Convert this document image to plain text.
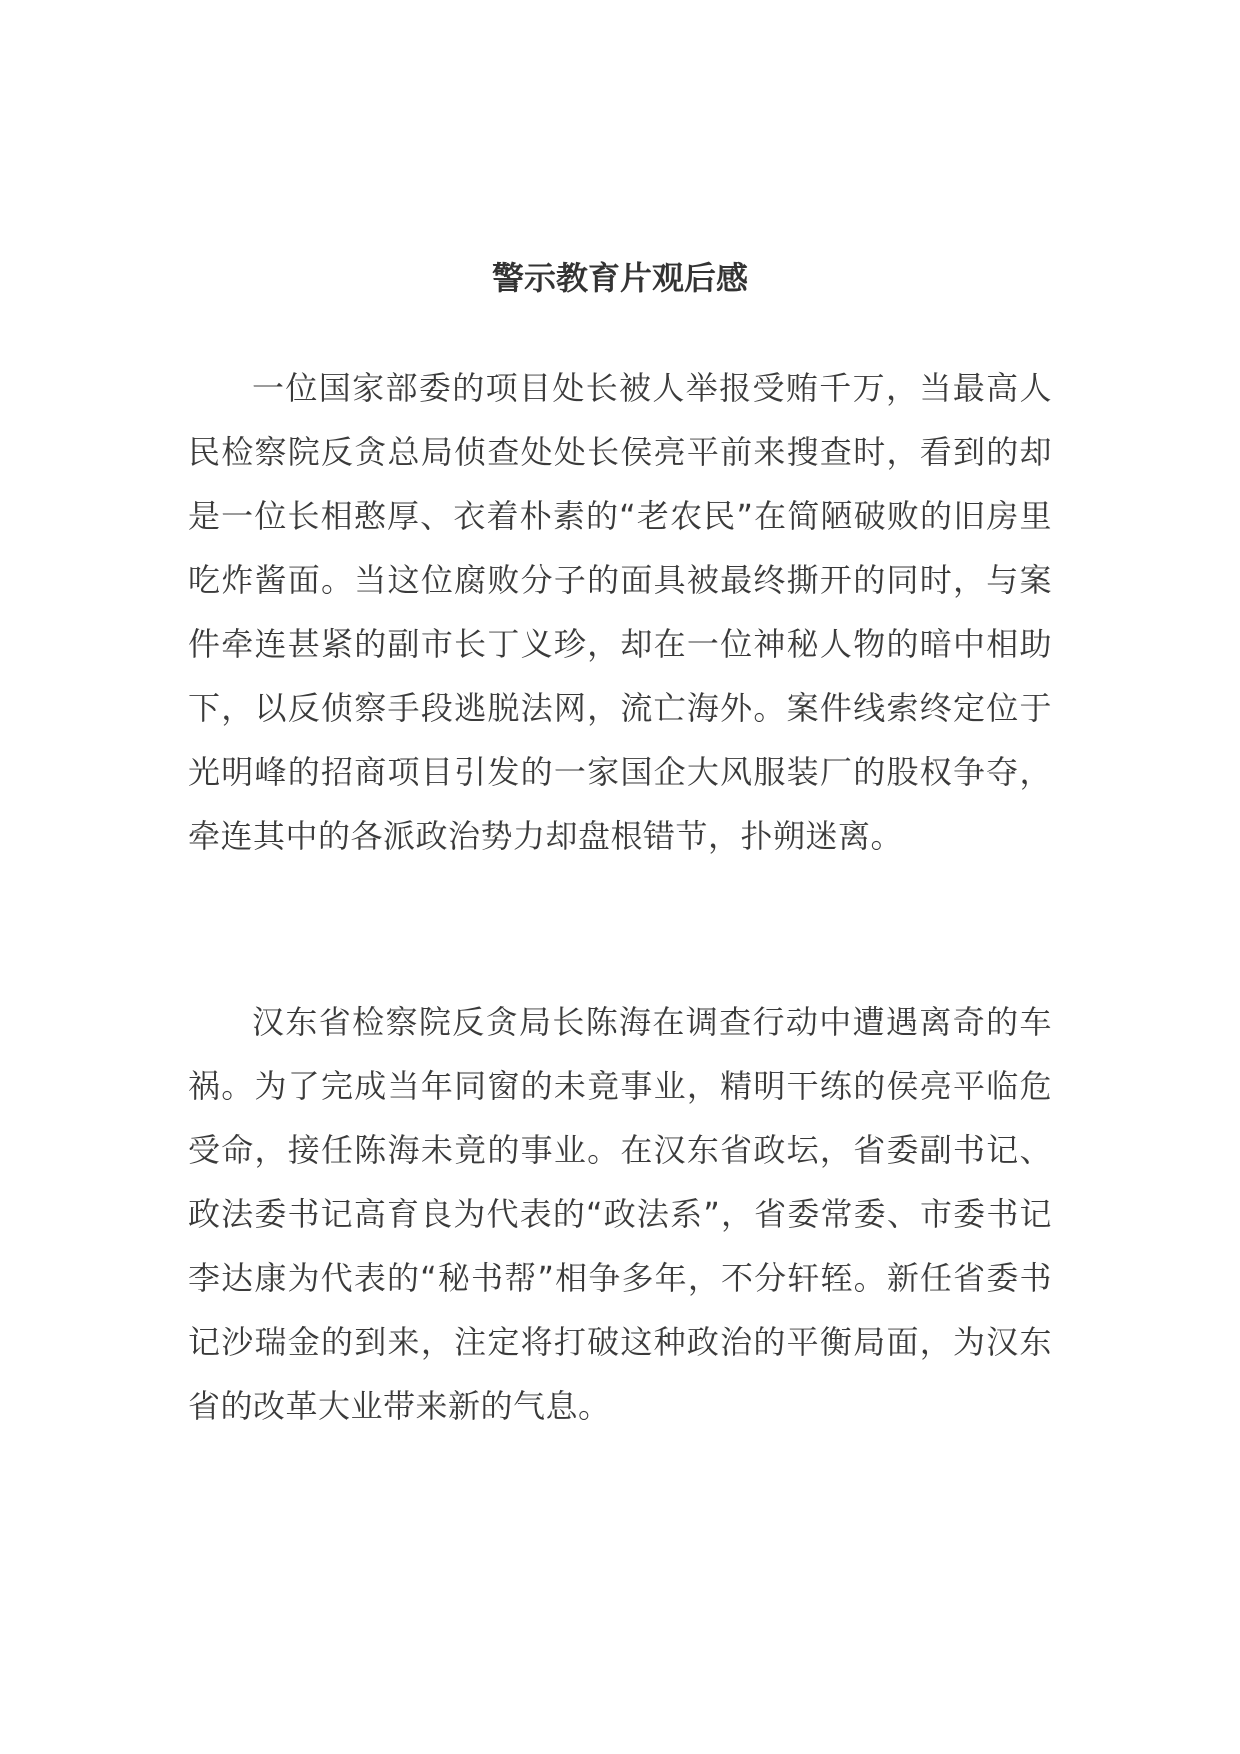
警示教育片观后感

一位国家部委的项目处长被人举报受贿千万，当最高人民检察院反贪总局侦查处处长侯亮平前来搜查时，看到的却是一位长相憨厚、衣着朴素的“老农民”在简陋破败的旧房里吃炸酱面。当这位腐败分子的面具被最终撕开的同时，与案件牵连甚紧的副市长丁义珍，却在一位神秘人物的暗中相助下，以反侦察手段逃脱法网，流亡海外。案件线索终定位于光明峰的招商项目引发的一家国企大风服装厂的股权争夺，牵连其中的各派政治势力却盘根错节，扑朔迷离。

汉东省检察院反贪局长陈海在调查行动中遭遇离奇的车祸。为了完成当年同窗的未竟事业，精明干练的侯亮平临危受命，接任陈海未竟的事业。在汉东省政坛，省委副书记、政法委书记高育良为代表的“政法系”，省委常委、市委书记李达康为代表的“秘书帮”相争多年，不分轩轾。新任省委书记沙瑞金的到来，注定将打破这种政治的平衡局面，为汉东省的改革大业带来新的气息。
